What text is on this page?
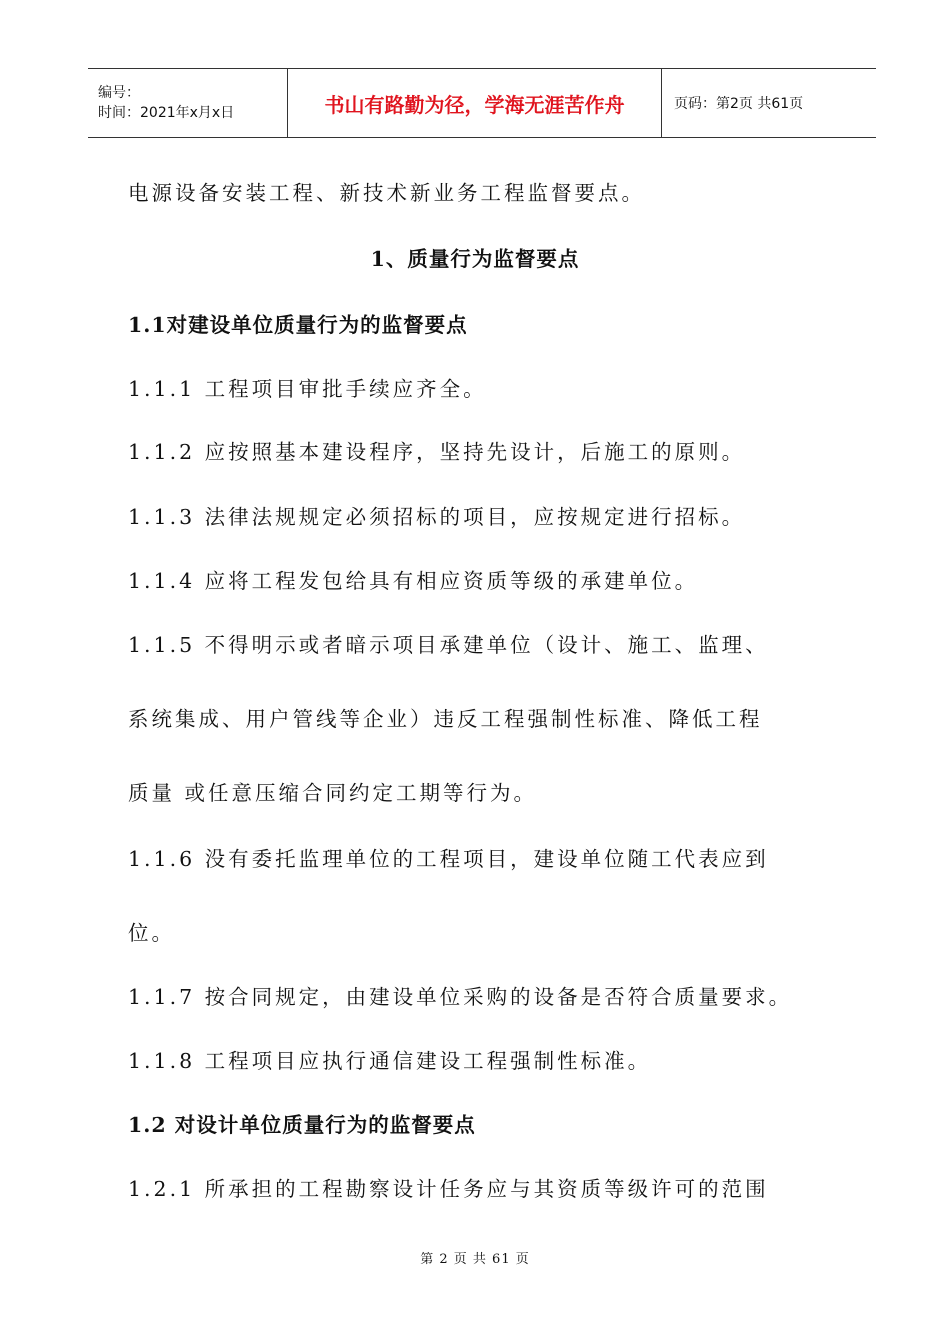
编号：
时间：2021年x月x日	书山有路勤为径，学海无涯苦作舟	页码：第2页 共61页
电源设备安装工程、新技术新业务工程监督要点。
1、质量行为监督要点
1.1对建设单位质量行为的监督要点
1.1.1 工程项目审批手续应齐全。
1.1.2 应按照基本建设程序，坚持先设计，后施工的原则。
1.1.3 法律法规规定必须招标的项目，应按规定进行招标。
1.1.4 应将工程发包给具有相应资质等级的承建单位。
1.1.5 不得明示或者暗示项目承建单位（设计、施工、监理、
系统集成、用户管线等企业）违反工程强制性标准、降低工程
质量 或任意压缩合同约定工期等行为。
1.1.6 没有委托监理单位的工程项目，建设单位随工代表应到
位。
1.1.7 按合同规定，由建设单位采购的设备是否符合质量要求。
1.1.8 工程项目应执行通信建设工程强制性标准。
1.2 对设计单位质量行为的监督要点
1.2.1 所承担的工程勘察设计任务应与其资质等级许可的范围
第 2 页 共 61 页
